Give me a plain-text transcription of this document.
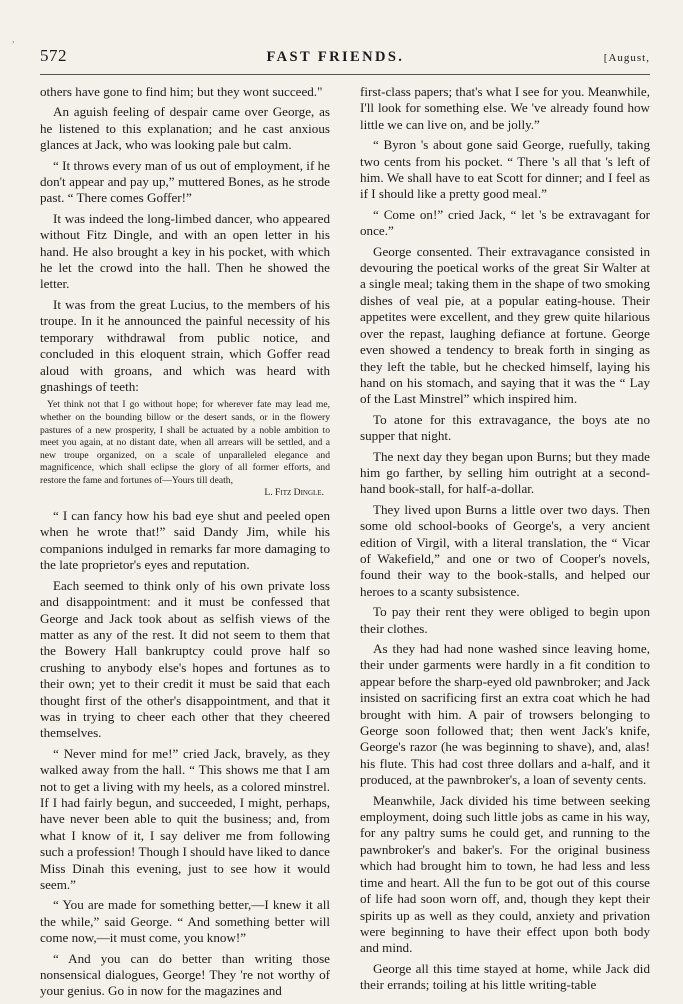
,
572	FAST FRIENDS.	[August,

others have gone to find him; but they wont succeed."

An aguish feeling of despair came over George, as he listened to this explanation; and he cast anxious glances at Jack, who was looking pale but calm.

“ It throws every man of us out of employment, if he don't appear and pay up,” muttered Bones, as he strode past. “ There comes Goffer!”

It was indeed the long-limbed dancer, who appeared without Fitz Dingle, and with an open letter in his hand. He also brought a key in his pocket, with which he let the crowd into the hall. Then he showed the letter.

It was from the great Lucius, to the members of his troupe. In it he announced the painful necessity of his temporary withdrawal from public notice, and concluded in this eloquent strain, which Goffer read aloud with groans, and which was heard with gnashings of teeth:

Yet think not that I go without hope; for wherever fate may lead me, whether on the bounding billow or the desert sands, or in the flowery pastures of a new prosperity, I shall be actuated by a noble ambition to meet you again, at no distant date, when all arrears will be settled, and a new troupe organized, on a scale of unparalleled elegance and magnificence, which shall eclipse the glory of all former efforts, and restore the fame and fortunes of—Yours till death,
L. Fitz Dingle.

“ I can fancy how his bad eye shut and peeled open when he wrote that!” said Dandy Jim, while his companions indulged in remarks far more damaging to the late proprietor's eyes and reputation.

Each seemed to think only of his own private loss and disappointment: and it must be confessed that George and Jack took about as selfish views of the matter as any of the rest. It did not seem to them that the Bowery Hall bankruptcy could prove half so crushing to anybody else's hopes and fortunes as to their own; yet to their credit it must be said that each thought first of the other's disappointment, and that it was in trying to cheer each other that they cheered themselves.

“ Never mind for me!” cried Jack, bravely, as they walked away from the hall. “ This shows me that I am not to get a living with my heels, as a colored minstrel. If I had fairly begun, and succeeded, I might, perhaps, have never been able to quit the business; and, from what I know of it, I say deliver me from following such a profession! Though I should have liked to dance Miss Dinah this evening, just to see how it would seem.”

“ You are made for something better,—I knew it all the while,” said George. “ And something better will come now,—it must come, you know!”

“ And you can do better than writing those nonsensical dialogues, George! They 're not worthy of your genius. Go in now for the magazines and

first-class papers; that's what I see for you. Meanwhile, I'll look for something else. We 've already found how little we can live on, and be jolly.”

“ Byron 's about gone said George, ruefully, taking two cents from his pocket. “ There 's all that 's left of him. We shall have to eat Scott for dinner; and I feel as if I should like a pretty good meal.”

“ Come on!” cried Jack, “ let 's be extravagant for once.”

George consented. Their extravagance consisted in devouring the poetical works of the great Sir Walter at a single meal; taking them in the shape of two smoking dishes of veal pie, at a popular eating-house. Their appetites were excellent, and they grew quite hilarious over the repast, laughing defiance at fortune. George even showed a tendency to break forth in singing as they left the table, but he checked himself, laying his hand on his stomach, and saying that it was the “ Lay of the Last Minstrel” which inspired him.

To atone for this extravagance, the boys ate no supper that night.

The next day they began upon Burns; but they made him go farther, by selling him outright at a second-hand book-stall, for half-a-dollar.

They lived upon Burns a little over two days. Then some old school-books of George's, a very ancient edition of Virgil, with a literal translation, the “ Vicar of Wakefield,” and one or two of Cooper's novels, found their way to the book-stalls, and helped our heroes to a scanty subsistence.

To pay their rent they were obliged to begin upon their clothes.

As they had had none washed since leaving home, their under garments were hardly in a fit condition to appear before the sharp-eyed old pawnbroker; and Jack insisted on sacrificing first an extra coat which he had brought with him. A pair of trowsers belonging to George soon followed that; then went Jack's knife, George's razor (he was beginning to shave), and, alas! his flute. This had cost three dollars and a-half, and it produced, at the pawnbroker's, a loan of seventy cents.

Meanwhile, Jack divided his time between seeking employment, doing such little jobs as came in his way, for any paltry sums he could get, and running to the pawnbroker's and baker's. For the original business which had brought him to town, he had less and less time and heart. All the fun to be got out of this course of life had soon worn off, and, though they kept their spirits up as well as they could, anxiety and privation were beginning to have their effect upon both body and mind.

George all this time stayed at home, while Jack did their errands; toiling at his little writing-table
